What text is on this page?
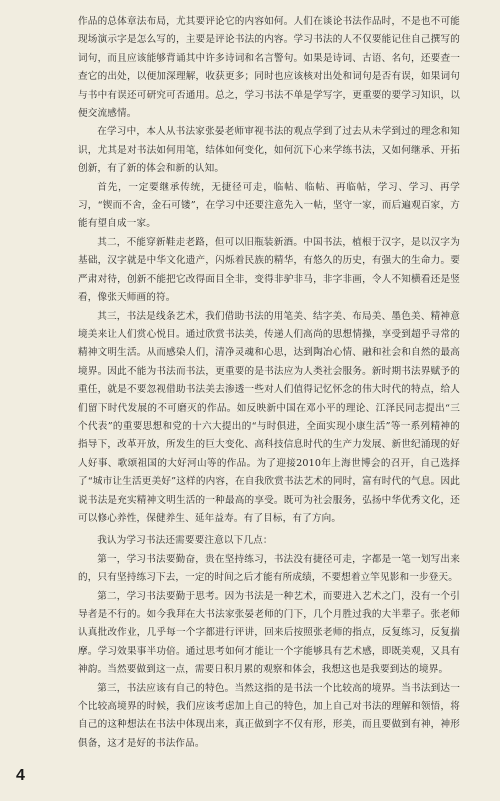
作品的总体章法布局，尤其要评论它的内容如何。人们在谈论书法作品时，不是也不可能现场演示字是怎么写的，主要是评论书法的内容。学习书法的人不仅要能记住自己撰写的词句，而且应该能够背诵其中许多诗词和名言警句。如果是诗词、古语、名句，还要查一查它的出处，以便加深理解，收获更多；同时也应该核对出处和词句是否有误，如果词句与书中有误还可研究可否通用。总之，学习书法不单是学写字，更重要的要学习知识，以便交流感情。

在学习中，本人从书法家张晏老师审视书法的观点学到了过去从未学到过的理念和知识，尤其是对书法如何用笔，结体如何变化，如何沉下心来学练书法，又如何继承、开拓创新，有了新的体会和新的认知。

首先，一定要继承传统，无捷径可走，临帖、临帖、再临帖，学习、学习、再学习，“锲而不舍，金石可镂”，在学习中还要注意先入一帖，坚守一家，而后遍观百家，方能有望自成一家。

其二，不能穿新鞋走老路，但可以旧瓶装新酒。中国书法，植根于汉字，是以汉字为基础，汉字就是中华文化遗产，闪烁着民族的精华，有悠久的历史，有强大的生命力。要严肃对待，创新不能把它改得面目全非，变得非驴非马，非字非画，令人不知横看还是竖看，像张天师画的符。

其三，书法是线条艺术，我们借助书法的用笔美、结字美、布局美、墨色美、精神意境美来让人们赏心悦目。通过欣赏书法美，传递人们高尚的思想情操，享受到超乎寻常的精神文明生活。从而感染人们，清净灵魂和心思，达到陶冶心情、融和社会和自然的最高境界。因此不能为书法而书法，更重要的是书法应为人类社会服务。新时期书法界赋予的重任，就是不要忽视借助书法美去渗透一些对人们值得记忆怀念的伟大时代的特点，给人们留下时代发展的不可磨灭的作品。如反映新中国在邓小平的理论、江泽民同志提出“三个代表”的重要思想和党的十六大提出的“与时俱进，全面实现小康生活”等一系列精神的指导下，改革开放，所发生的巨大变化、高科技信息时代的生产力发展、新世纪涌现的好人好事、歌颂祖国的大好河山等的作品。为了迎接2010年上海世博会的召开，自己选择了“城市让生活更美好”这样的内容，在自我欣赏书法艺术的同时，富有时代的气息。因此说书法是充实精神文明生活的一种最高的享受。既可为社会服务，弘扬中华优秀文化，还可以修心养性，保健养生、延年益寿。有了目标，有了方向。

我认为学习书法还需要要注意以下几点：

第一，学习书法要勤奋，贵在坚持练习，书法没有捷径可走，字都是一笔一划写出来的，只有坚持练习下去，一定的时间之后才能有所成绩，不要想着立竿见影和一步登天。

第二，学习书法要勤于思考。因为书法是一种艺术，而要进入艺术之门，没有一个引导者是不行的。如今我拜在大书法家张晏老师的门下，几个月胜过我的大半辈子。张老师认真批改作业，几乎每一个字都进行评讲，回来后按照张老师的指点，反复练习，反复揣摩。学习效果事半功倍。通过思考如何才能让一个字能够具有艺术感，即既美观，又具有神韵。当然要做到这一点，需要日积月累的观察和体会，我想这也是我要到达的境界。

第三，书法应该有自己的特色。当然这指的是书法一个比较高的境界。当书法到达一个比较高境界的时候，我们应该考虑加上自己的特色，加上自己对书法的理解和领悟，将自己的这种想法在书法中体现出来，真正做到字不仅有形，形美，而且要做到有神，神形俱备，这才是好的书法作品。

4
